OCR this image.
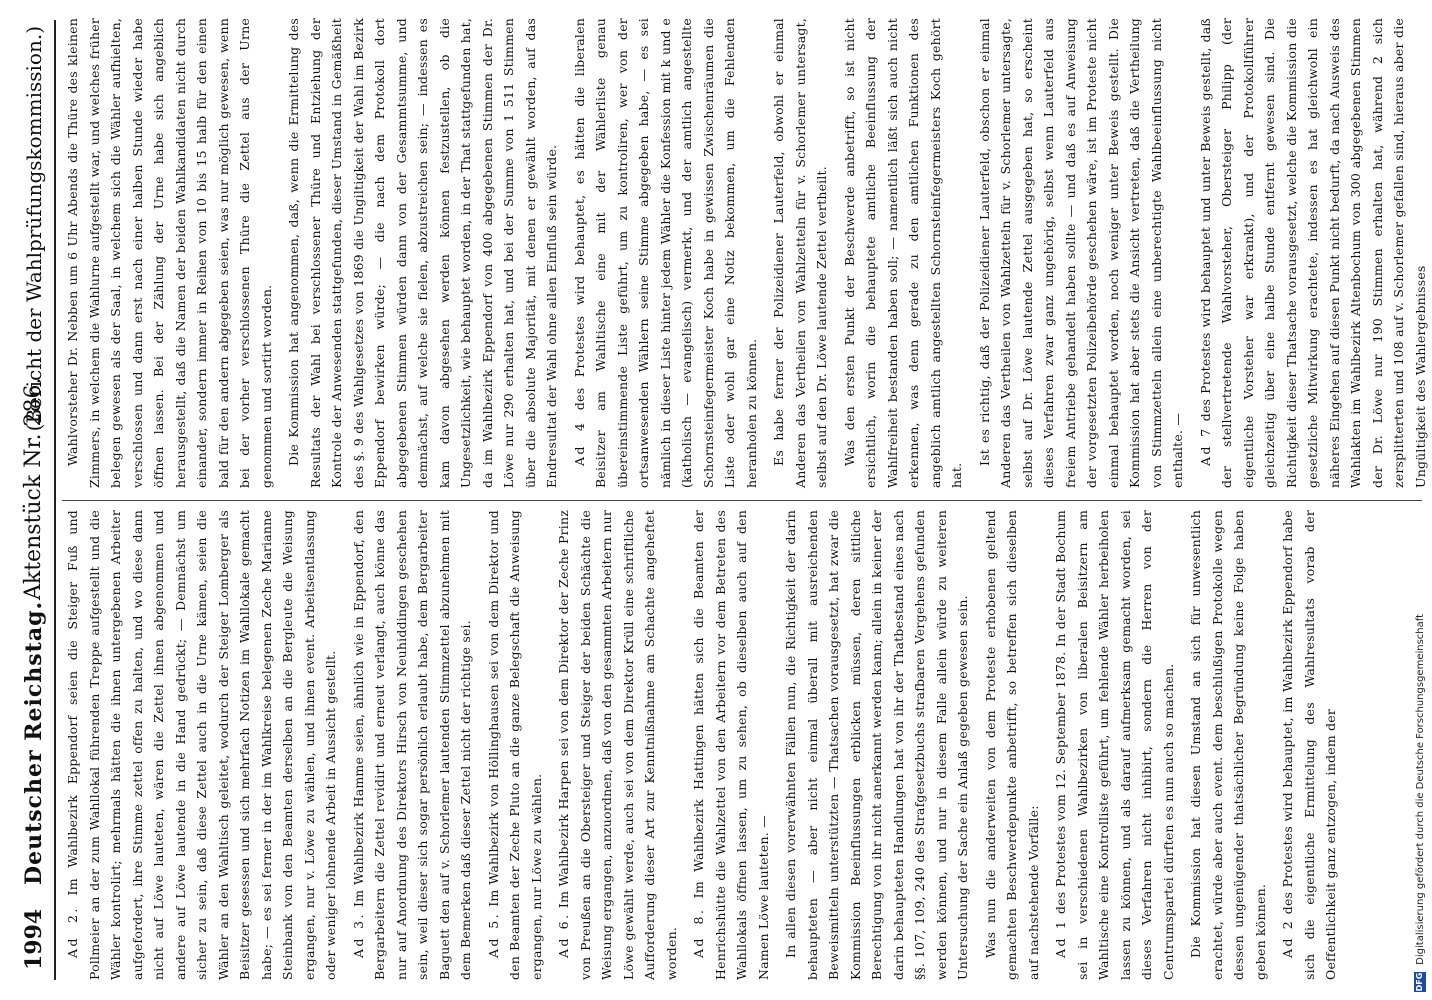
1994
Deutscher Reichstag.
Aktenstück Nr. 286.
(Bericht der Wahlprüfungskommission.)

Ad 2. Im Wahlbezirk Eppendorf seien die Steiger Fuß und Pollmeier an der zum Wahllokal führenden Treppe aufgestellt und die Wähler kontrolirt; mehrmals hätten die ihnen untergebenen Arbeiter aufgefordert, ihre Stimme zettel offen zu halten, und wo diese dann nicht auf Löwe lauteten, wären die Zettel ihnen abgenommen und andere auf Löwe lautende in die Hand gedrückt; — Demnächst um sicher zu sein, daß diese Zettel auch in die Urne kämen, seien die Wähler an den Wahltisch geleitet, wodurch der Steiger Lomberger als Beisitzer gesessen und sich mehrfach Notizen im Wahllokale gemacht habe; — es sei ferner in der im Wahlkreise belegenen Zeche Marianne Steinbank von den Beamten derselben an die Bergleute die Weisung ergangen, nur v. Löwe zu wählen, und ihnen event. Arbeitsentlassung oder weniger lohnende Arbeit in Aussicht gestellt. Ad 3. Im Wahlbezirk Hamme seien, ähnlich wie in Eppendorf, den Bergarbeitern die Zettel revidirt und erneut verlangt, auch könne das nur auf Anordnung des Direktors Hirsch von Neuhiddingen geschehen sein, weil dieser sich sogar persönlich erlaubt habe, dem Bergarbeiter Baguett den auf v. Schorlemer lautenden Stimmzettel abzunehmen mit dem Bemerken daß dieser Zettel nicht der richtige sei. Ad 5. Im Wahlbezirk von Höllinghausen sei von dem Direktor und den Beamten der Zeche Pluto an die ganze Belegschaft die Anweisung ergangen, nur Löwe zu wählen. Ad 6. Im Wahlbezirk Harpen sei von dem Direktor der Zeche Prinz von Preußen an die Obersteiger und Steiger der beiden Schächte die Weisung ergangen, anzuordnen, daß von den gesammten Arbeitern nur Löwe gewählt werde, auch sei von dem Direktor Krüll eine schriftliche Aufforderung dieser Art zur Kenntnißnahme am Schachte angeheftet worden. Ad 8. Im Wahlbezirk Hattingen hätten sich die Beamten der Henrichshütte die Wahlzettel von den Arbeitern vor dem Betreten des Wahllokals öffnen lassen, um zu sehen, ob dieselben auch auf den Namen Löwe lauteten. — In allen diesen vorerwähnten Fällen nun, die Richtigkeit der darin behaupteten — aber nicht einmal überall mit ausreichenden Beweismitteln unterstützten — Thatsachen vorausgesetzt, hat zwar die Kommission Beeinflussungen erblicken müssen, deren sittliche Berechtigung von ihr nicht anerkannt werden kann; allein in keiner der darin behaupteten Handlungen hat von ihr der Thatbestand eines nach §§. 107, 109, 240 des Strafgesetzbuchs strafbaren Vergehens gefunden werden können, und nur in diesem Falle allein würde zu weiteren Untersuchung der Sache ein Anlaß gegeben gewesen sein. Was nun die anderweiten von dem Proteste erhobenen geltend gemachten Beschwerdepunkte anbetrifft, so betreffen sich dieselben auf nachstehende Vorfälle: Ad 1 des Protestes vom 12. September 1878. In der Stadt Bochum sei in verschiedenen Wahlbezirken von liberalen Beisitzern am Wahltische eine Kontrolliste geführt, um fehlende Wähler herbeiholen lassen zu können, und als darauf aufmerksam gemacht worden, sei dieses Verfahren nicht inhibirt, sondern die Herren von der Centrumspartei dürften es nun auch so machen. Die Kommission hat diesen Umstand an sich für unwesentlich erachtet, würde aber auch event. dem beschlußigen Protokolle wegen dessen ungenügender thatsächlicher Begründung keine Folge haben geben können. Ad 2 des Protestes wird behauptet, im Wahlbezirk Eppendorf habe sich die eigentliche Ermittelung des Wahlresultats vorab der Oeffentlichkeit ganz entzogen, indem der

Wahlvorsteher Dr. Nebben um 6 Uhr Abends die Thüre des kleinen Zimmers, in welchem die Wahlurne aufgestellt war, und welches früher belegen gewesen als der Saal, in welchem sich die Wähler aufhielten, verschlossen und dann erst nach einer halben Stunde wieder habe öffnen lassen. Bei der Zählung der Urne habe sich angeblich herausgestellt, daß die Namen der beiden Wahlkandidaten nicht durch einander, sondern immer in Reihen von 10 bis 15 halb für den einen bald für den andern abgegeben seien, was nur möglich gewesen, wenn bei der vorher verschlossenen Thüre die Zettel aus der Urne genommen und sortirt worden. Die Kommission hat angenommen, daß, wenn die Ermittelung des Resultats der Wahl bei verschlossener Thüre und Entziehung der Kontrole der Anwesenden stattgefunden, dieser Umstand in Gemäßheit des §. 9 des Wahlgesetzes von 1869 die Ungiltigkeit der Wahl im Bezirk Eppendorf bewirken würde; — die nach dem Protokoll dort abgegebenen Stimmen würden dann von der Gesammtsumme, und demnächst, auf welche sie fielen, abzustreichen sein; — indessen es kam davon abgesehen werden können festzustellen, ob die Ungesetzlichkeit, wie behauptet worden, in der That stattgefunden hat, da im Wahlbezirk Eppendorf von 400 abgegebenen Stimmen der Dr. Löwe nur 290 erhalten hat, und bei der Summe von 1 511 Stimmen über die absolute Majorität, mit denen er gewählt worden, auf das Endresultat der Wahl ohne allen Einfluß sein würde. Ad 4 des Protestes wird behauptet, es hätten die liberalen Beisitzer am Wahltische eine mit der Wählerliste genau übereinstimmende Liste geführt, um zu kontroliren, wer von der ortsanwesenden Wählern seine Stimme abgegeben habe, — es sei nämlich in dieser Liste hinter jedem Wähler die Konfession mit k und e (katholisch — evangelisch) vermerkt, und der amtlich angestellte Schornsteinfegermeister Koch habe in gewissen Zwischenräumen die Liste oder wohl gar eine Notiz bekommen, um die Fehlenden heranholen zu können. Es habe ferner der Polizeidiener Lauterfeld, obwohl er einmal Anderen das Vertheilen von Wahlzetteln für v. Schorlemer untersagt, selbst auf den Dr. Löwe lautende Zettel vertheilt. Was den ersten Punkt der Beschwerde anbetrifft, so ist nicht ersichtlich, worin die behauptete amtliche Beeinflussung der Wahlfreiheit bestanden haben soll; — namentlich läßt sich auch nicht erkennen, was denn gerade zu den amtlichen Funktionen des angeblich amtlich angestellten Schornsteinfegermeisters Koch gehört hat.

Ist es richtig, daß der Polizeidiener Lauterfeld, obschon er einmal Anderen das Vertheilen von Wahlzetteln für v. Schorlemer untersagte, selbst auf Dr. Löwe lautende Zettel ausgegeben hat, so erscheint dieses Verfahren zwar ganz ungehörig, selbst wenn Lauterfeld aus freiem Antriebe gehandelt haben sollte — und daß es auf Anweisung der vorgesetzten Polizeibehörde geschehen wäre, ist im Proteste nicht einmal behauptet worden, noch weniger unter Beweis gestellt. Die Kommission hat aber stets die Ansicht vertreten, daß die Vertheilung von Stimmzetteln allein eine unberechtigte Wahlbeeinflussung nicht enthalte. — Ad 7 des Protestes wird behauptet und unter Beweis gestellt, daß der stellvertretende Wahlvorsteher, Obersteiger Philipp (der eigentliche Vorsteher war erkrankt), und der Protokollführer gleichzeitig über eine halbe Stunde entfernt gewesen sind. Die Richtigkeit dieser Thatsache vorausgesetzt, welche die Kommission die gesetzliche Mitwirkung erachtete, indessen es hat gleichwohl ein näheres Eingehen auf diesen Punkt nicht bedurft, da nach Ausweis des Wahlakten im Wahlbezirk Altenbochum von 300 abgegebenen Stimmen der Dr. Löwe nur 190 Stimmen erhalten hat, während 2 sich zersplitterten und 108 auf v. Schorlemer gefallen sind, hieraus aber die Ungültigkeit des Wahlergebnisses

DFG Digitalisierung gefördert durch die Deutsche Forschungsgemeinschaft
